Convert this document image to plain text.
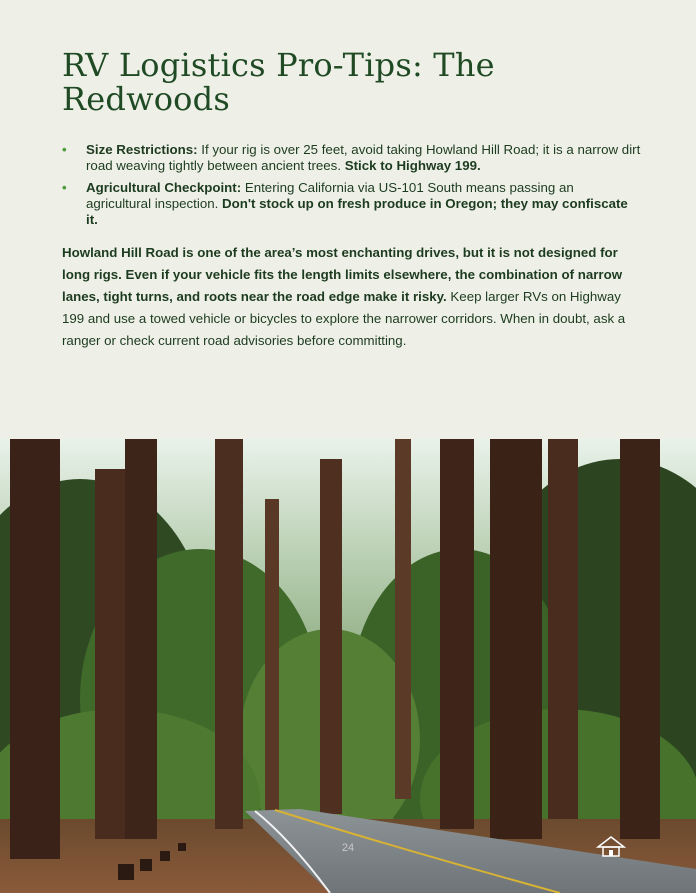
RV Logistics Pro-Tips: The Redwoods
• Size Restrictions: If your rig is over 25 feet, avoid taking Howland Hill Road; it is a narrow dirt road weaving tightly between ancient trees. Stick to Highway 199.
• Agricultural Checkpoint: Entering California via US-101 South means passing an agricultural inspection. Don't stock up on fresh produce in Oregon; they may confiscate it.

Howland Hill Road is one of the area’s most enchanting drives, but it is not designed for long rigs. Even if your vehicle fits the length limits elsewhere, the combination of narrow lanes, tight turns, and roots near the road edge make it risky. Keep larger RVs on Highway 199 and use a towed vehicle or bicycles to explore the narrower corridors. When in doubt, ask a ranger or check current road advisories before committing.

24
